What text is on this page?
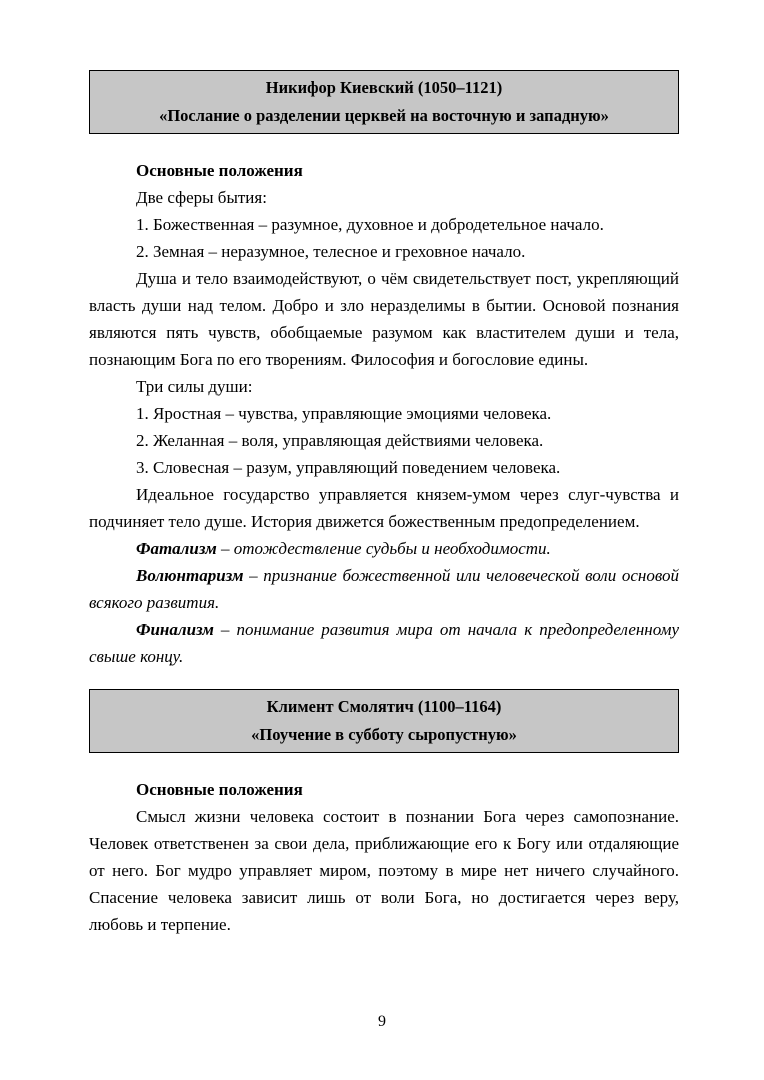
Никифор Киевский (1050–1121)
«Послание о разделении церквей на восточную и западную»

Основные положения

Две сферы бытия:

1. Божественная – разумное, духовное и добродетельное начало.

2. Земная – неразумное, телесное и греховное начало.

Душа и тело взаимодействуют, о чём свидетельствует пост, укрепляющий власть души над телом. Добро и зло неразделимы в бытии. Основой познания являются пять чувств, обобщаемые разумом как властителем души и тела, познающим Бога по его творениям. Философия и богословие едины.

Три силы души:

1. Яростная – чувства, управляющие эмоциями человека.

2. Желанная – воля, управляющая действиями человека.

3. Словесная – разум, управляющий поведением человека.

Идеальное государство управляется князем-умом через слуг-чувства и подчиняет тело душе. История движется божественным предопределением.

Фатализм – отождествление судьбы и необходимости.

Волюнтаризм – признание божественной или человеческой воли основой всякого развития.

Финализм – понимание развития мира от начала к предопределенному свыше концу.

Климент Смолятич (1100–1164)
«Поучение в субботу сыропустную»

Основные положения

Смысл жизни человека состоит в познании Бога через самопознание. Человек ответственен за свои дела, приближающие его к Богу или отдаляющие от него. Бог мудро управляет миром, поэтому в мире нет ничего случайного. Спасение человека зависит лишь от воли Бога, но достигается через веру, любовь и терпение.

9
